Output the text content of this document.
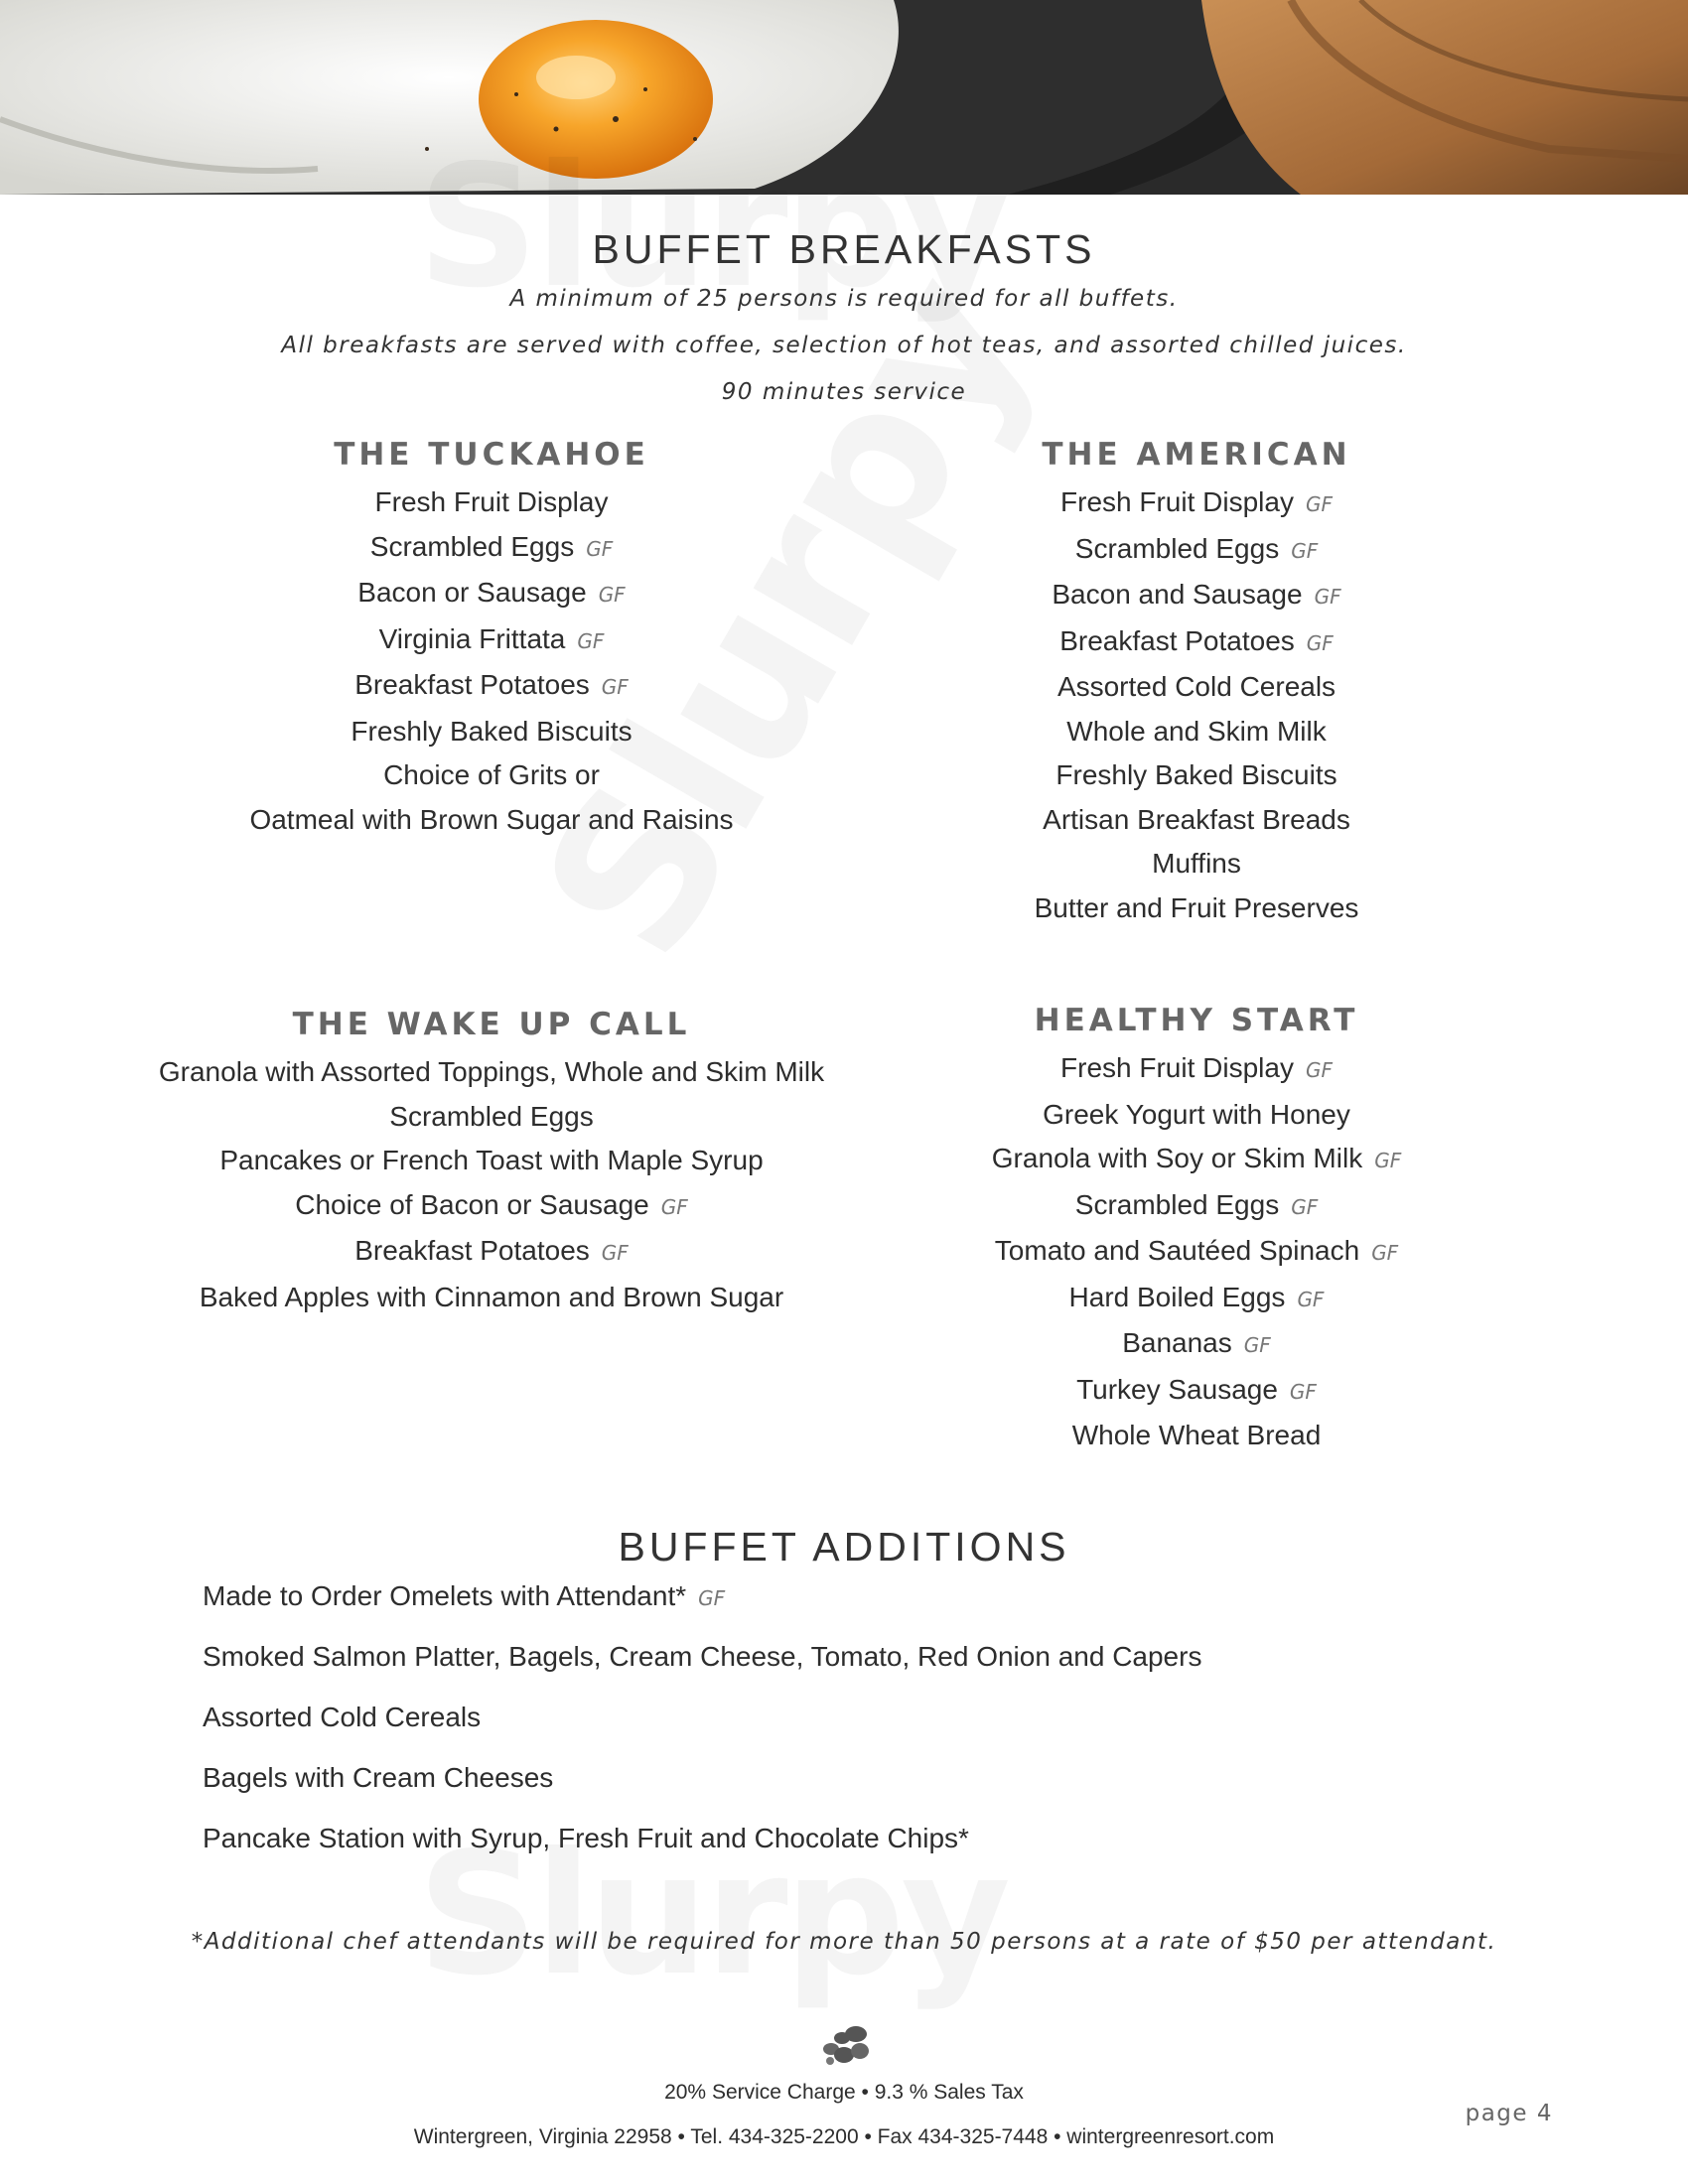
BUFFET BREAKFASTS
A minimum of 25 persons is required for all buffets.
All breakfasts are served with coffee, selection of hot teas, and assorted chilled juices.
90 minutes service
THE TUCKAHOE
Fresh Fruit Display
Scrambled Eggs GF
Bacon or Sausage GF
Virginia Frittata GF
Breakfast Potatoes GF
Freshly Baked Biscuits
Choice of Grits or
Oatmeal with Brown Sugar and Raisins
THE AMERICAN
Fresh Fruit Display GF
Scrambled Eggs GF
Bacon and Sausage GF
Breakfast Potatoes GF
Assorted Cold Cereals
Whole and Skim Milk
Freshly Baked Biscuits
Artisan Breakfast Breads
Muffins
Butter and Fruit Preserves
THE WAKE UP CALL
Granola with Assorted Toppings, Whole and Skim Milk
Scrambled Eggs
Pancakes or French Toast with Maple Syrup
Choice of Bacon or Sausage GF
Breakfast Potatoes GF
Baked Apples with Cinnamon and Brown Sugar
HEALTHY START
Fresh Fruit Display GF
Greek Yogurt with Honey
Granola with Soy or Skim Milk GF
Scrambled Eggs GF
Tomato and Sautéed Spinach GF
Hard Boiled Eggs GF
Bananas GF
Turkey Sausage GF
Whole Wheat Bread
BUFFET ADDITIONS
Made to Order Omelets with Attendant* GF
Smoked Salmon Platter, Bagels, Cream Cheese, Tomato, Red Onion and Capers
Assorted Cold Cereals
Bagels with Cream Cheeses
Pancake Station with Syrup, Fresh Fruit and Chocolate Chips*
*Additional chef attendants will be required for more than 50 persons at a rate of $50 per attendant.
20% Service Charge • 9.3 % Sales Tax
Wintergreen, Virginia 22958 • Tel. 434-325-2200 • Fax 434-325-7448 • wintergreenresort.com
page 4
